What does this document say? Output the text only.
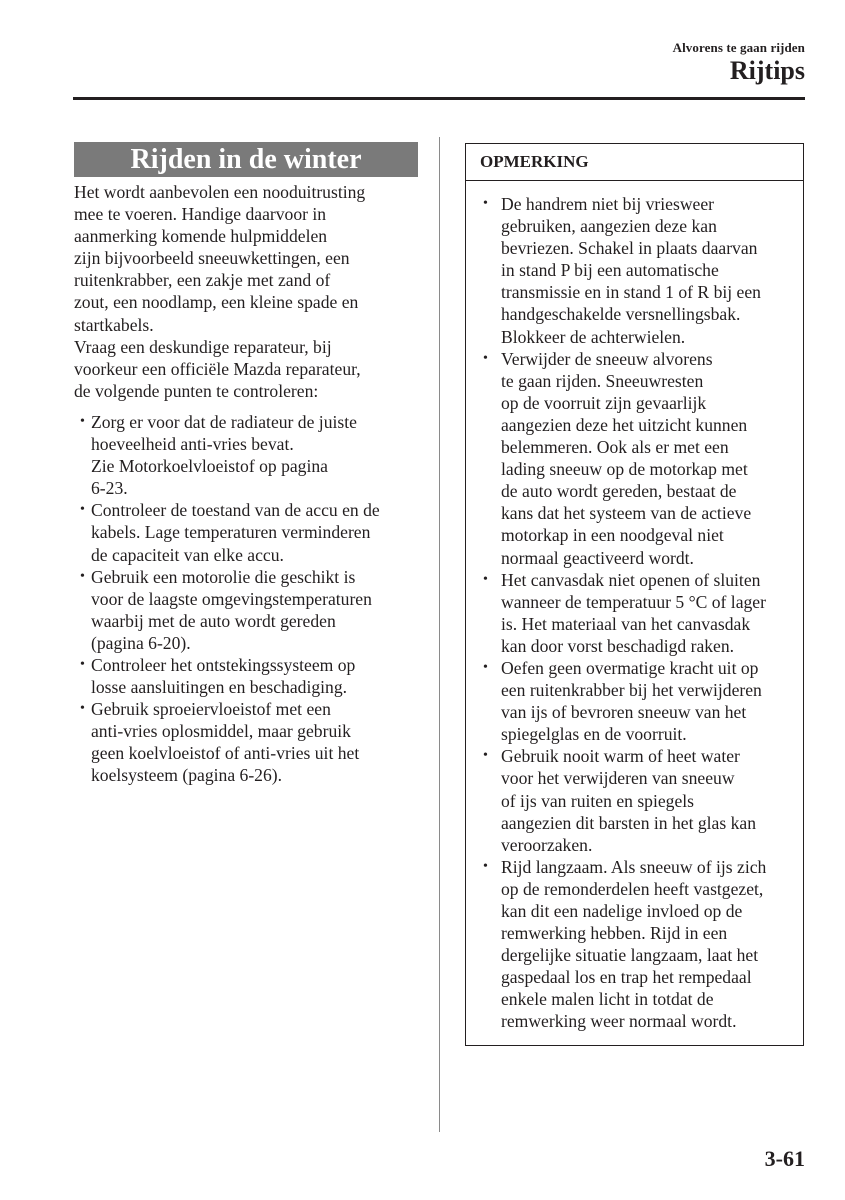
Alvorens te gaan rijden
Rijtips
Rijden in de winter
Het wordt aanbevolen een nooduitrusting
mee te voeren. Handige daarvoor in
aanmerking komende hulpmiddelen
zijn bijvoorbeeld sneeuwkettingen, een
ruitenkrabber, een zakje met zand of
zout, een noodlamp, een kleine spade en
startkabels.
Vraag een deskundige reparateur, bij
voorkeur een officiële Mazda reparateur,
de volgende punten te controleren:
• Zorg er voor dat de radiateur de juiste
hoeveelheid anti-vries bevat.
Zie Motorkoelvloeistof op pagina
6-23.
• Controleer de toestand van de accu en de
kabels. Lage temperaturen verminderen
de capaciteit van elke accu.
• Gebruik een motorolie die geschikt is
voor de laagste omgevingstemperaturen
waarbij met de auto wordt gereden
(pagina 6-20).
• Controleer het ontstekingssysteem op
losse aansluitingen en beschadiging.
• Gebruik sproeiervloeistof met een
anti-vries oplosmiddel, maar gebruik
geen koelvloeistof of anti-vries uit het
koelsysteem (pagina 6-26).
OPMERKING
• De handrem niet bij vriesweer
gebruiken, aangezien deze kan
bevriezen. Schakel in plaats daarvan
in stand P bij een automatische
transmissie en in stand 1 of R bij een
handgeschakelde versnellingsbak.
Blokkeer de achterwielen.
• Verwijder de sneeuw alvorens
te gaan rijden. Sneeuwresten
op de voorruit zijn gevaarlijk
aangezien deze het uitzicht kunnen
belemmeren. Ook als er met een
lading sneeuw op de motorkap met
de auto wordt gereden, bestaat de
kans dat het systeem van de actieve
motorkap in een noodgeval niet
normaal geactiveerd wordt.
• Het canvasdak niet openen of sluiten
wanneer de temperatuur 5 °C of lager
is. Het materiaal van het canvasdak
kan door vorst beschadigd raken.
• Oefen geen overmatige kracht uit op
een ruitenkrabber bij het verwijderen
van ijs of bevroren sneeuw van het
spiegelglas en de voorruit.
• Gebruik nooit warm of heet water
voor het verwijderen van sneeuw
of ijs van ruiten en spiegels
aangezien dit barsten in het glas kan
veroorzaken.
• Rijd langzaam. Als sneeuw of ijs zich
op de remonderdelen heeft vastgezet,
kan dit een nadelige invloed op de
remwerking hebben. Rijd in een
dergelijke situatie langzaam, laat het
gaspedaal los en trap het rempedaal
enkele malen licht in totdat de
remwerking weer normaal wordt.
3-61
